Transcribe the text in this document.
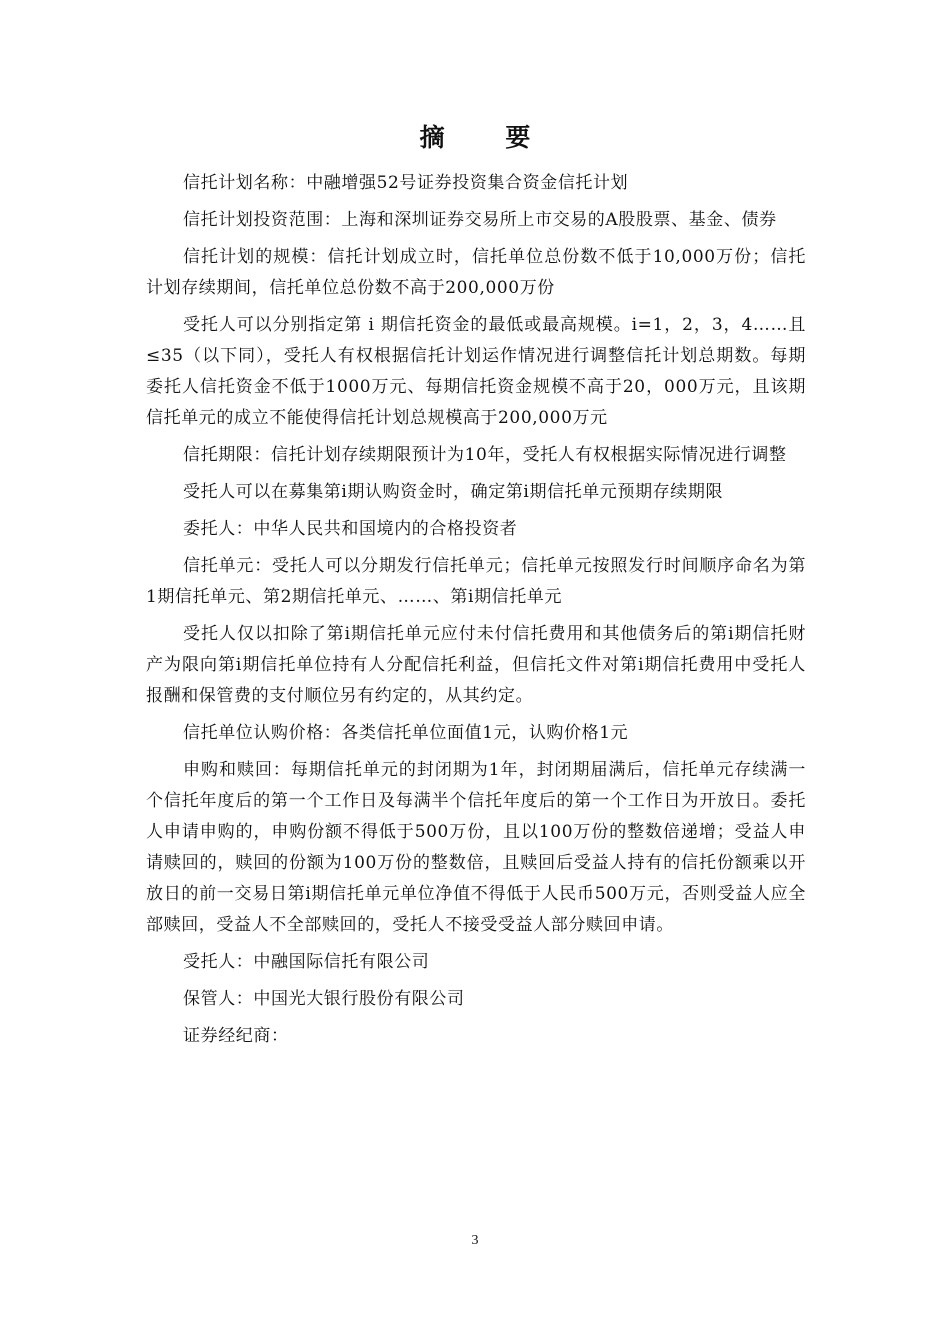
摘 要

信托计划名称：中融增强52号证券投资集合资金信托计划

信托计划投资范围：上海和深圳证券交易所上市交易的A股股票、基金、债券

信托计划的规模：信托计划成立时，信托单位总份数不低于10,000万份；信托计划存续期间，信托单位总份数不高于200,000万份

受托人可以分别指定第 i 期信托资金的最低或最高规模。i=1，2，3，4……且≤35（以下同），受托人有权根据信托计划运作情况进行调整信托计划总期数。每期委托人信托资金不低于1000万元、每期信托资金规模不高于20，000万元，且该期信托单元的成立不能使得信托计划总规模高于200,000万元

信托期限：信托计划存续期限预计为10年，受托人有权根据实际情况进行调整

受托人可以在募集第i期认购资金时，确定第i期信托单元预期存续期限

委托人：中华人民共和国境内的合格投资者

信托单元：受托人可以分期发行信托单元；信托单元按照发行时间顺序命名为第1期信托单元、第2期信托单元、……、第i期信托单元

受托人仅以扣除了第i期信托单元应付未付信托费用和其他债务后的第i期信托财产为限向第i期信托单位持有人分配信托利益，但信托文件对第i期信托费用中受托人报酬和保管费的支付顺位另有约定的，从其约定。

信托单位认购价格：各类信托单位面值1元，认购价格1元

申购和赎回：每期信托单元的封闭期为1年，封闭期届满后，信托单元存续满一个信托年度后的第一个工作日及每满半个信托年度后的第一个工作日为开放日。委托人申请申购的，申购份额不得低于500万份，且以100万份的整数倍递增；受益人申请赎回的，赎回的份额为100万份的整数倍，且赎回后受益人持有的信托份额乘以开放日的前一交易日第i期信托单元单位净值不得低于人民币500万元，否则受益人应全部赎回，受益人不全部赎回的，受托人不接受受益人部分赎回申请。

受托人：中融国际信托有限公司

保管人：中国光大银行股份有限公司

证券经纪商：

3
